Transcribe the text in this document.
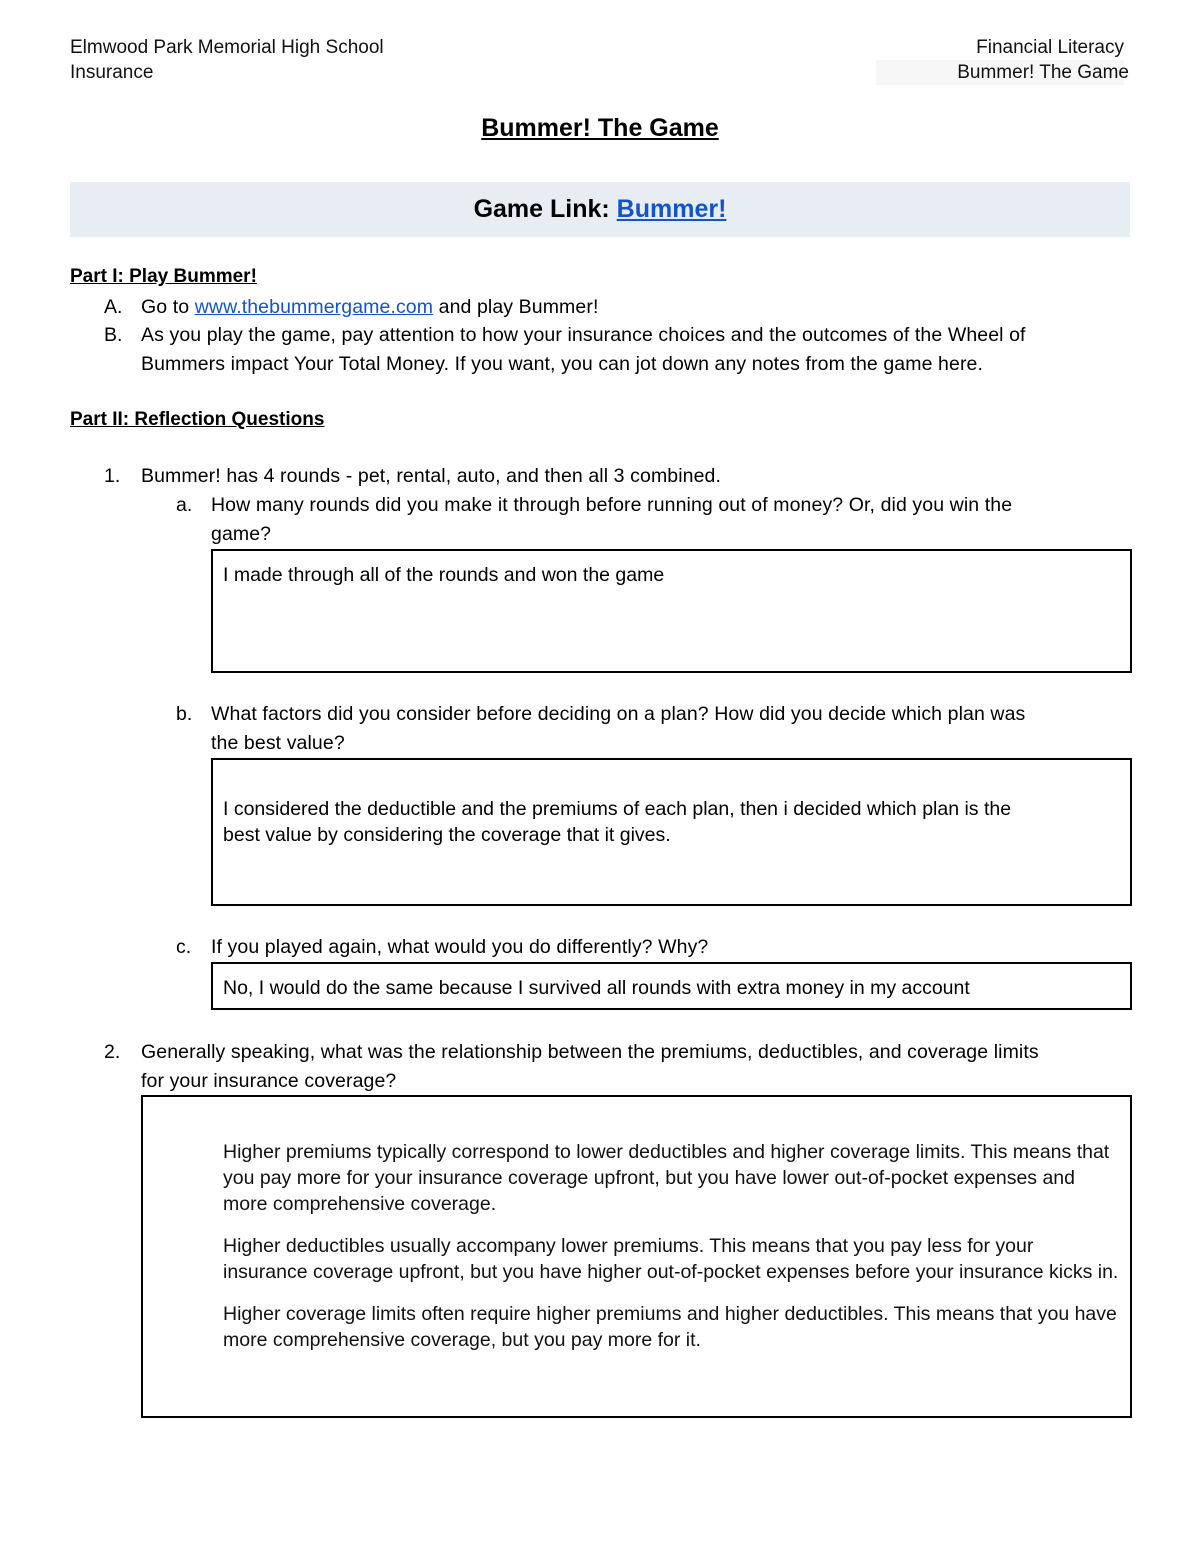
Elmwood Park Memorial High School
Insurance
Financial Literacy
Bummer! The Game
Bummer! The Game
Game Link: Bummer!
Part I: Play Bummer!
A. Go to www.thebummergame.com and play Bummer!
B. As you play the game, pay attention to how your insurance choices and the outcomes of the Wheel of
Bummers impact Your Total Money. If you want, you can jot down any notes from the game here.
Part II: Reflection Questions
1. Bummer! has 4 rounds - pet, rental, auto, and then all 3 combined.
a. How many rounds did you make it through before running out of money? Or, did you win the
game?
I made through all of the rounds and won the game
b. What factors did you consider before deciding on a plan? How did you decide which plan was
the best value?
I considered the deductible and the premiums of each plan, then i decided which plan is the
best value by considering the coverage that it gives.
c. If you played again, what would you do differently? Why?
No, I would do the same because I survived all rounds with extra money in my account
2. Generally speaking, what was the relationship between the premiums, deductibles, and coverage limits
for your insurance coverage?

Higher premiums typically correspond to lower deductibles and higher coverage limits. This means that you pay more for your insurance coverage upfront, but you have lower out-of-pocket expenses and more comprehensive coverage.

Higher deductibles usually accompany lower premiums. This means that you pay less for your insurance coverage upfront, but you have higher out-of-pocket expenses before your insurance kicks in.

Higher coverage limits often require higher premiums and higher deductibles. This means that you have more comprehensive coverage, but you pay more for it.
